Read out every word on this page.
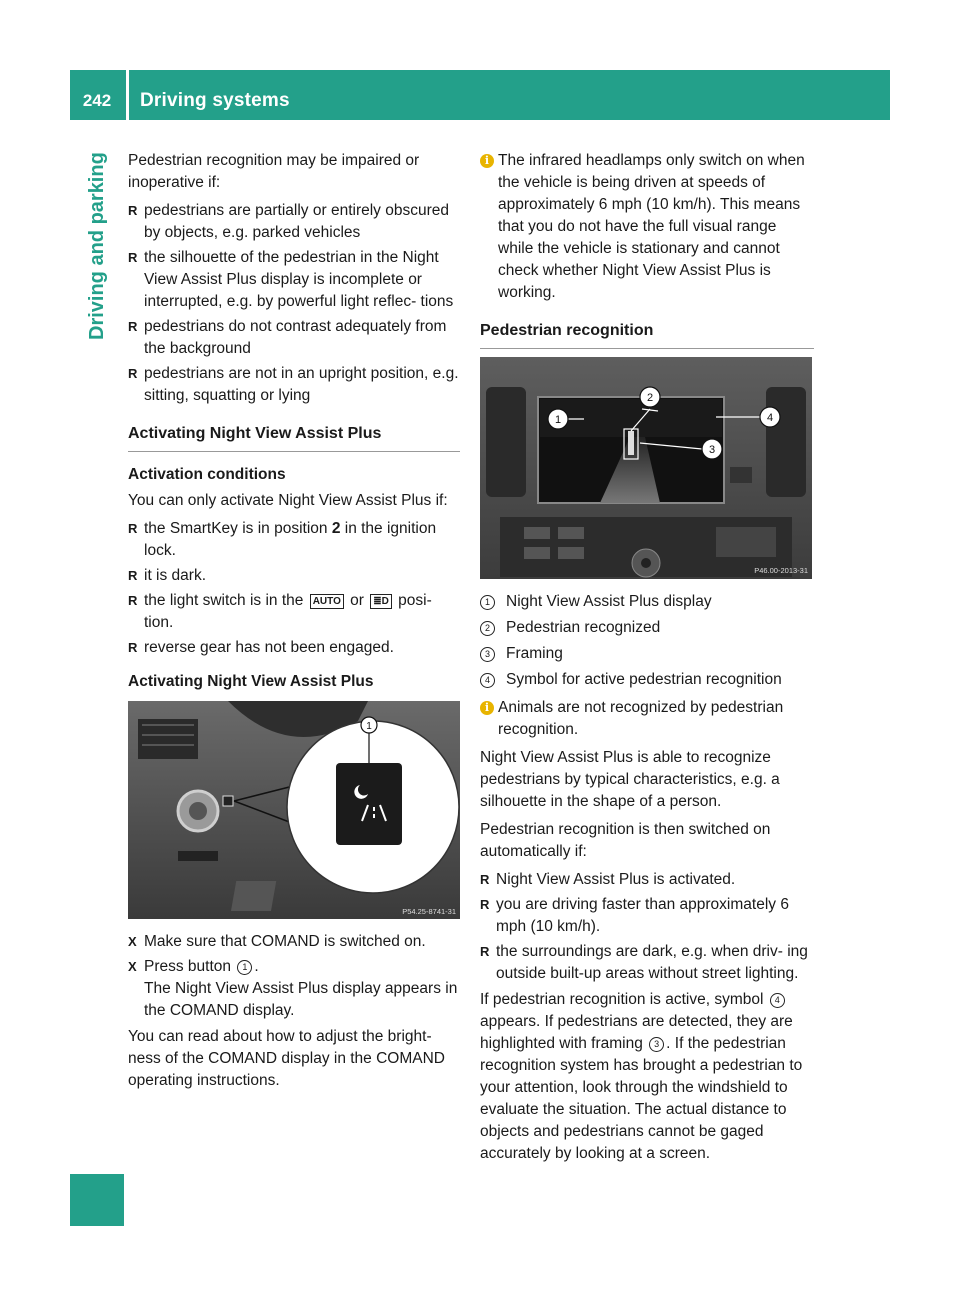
242	Driving systems
Driving and parking	Pedestrian recognition may be impaired or inoperative if:

R pedestrians are partially or entirely obscured by objects, e.g. parked vehicles
R the silhouette of the pedestrian in the Night View Assist Plus display is incomplete or interrupted, e.g. by powerful light reflec- tions
R pedestrians do not contrast adequately from the background
R pedestrians are not in an upright position, e.g. sitting, squatting or lying
Activating Night View Assist Plus
Activation conditions

You can only activate Night View Assist Plus if:

R the SmartKey is in position 2 in the ignition lock.
R it is dark.
R the light switch is in the AUTO or ≣D posi- tion.
R reverse gear has not been engaged.
Activating Night View Assist Plus
1
P54.25-8741-31
X Make sure that COMAND is switched on.
X Press button 1 .
The Night View Assist Plus display appears in the COMAND display.

You can read about how to adjust the bright- ness of the COMAND display in the COMAND operating instructions.

i The infrared headlamps only switch on when the vehicle is being driven at speeds of approximately 6 mph (10 km/h). This means that you do not have the full visual range while the vehicle is stationary and cannot check whether Night View Assist Plus is working.
Pedestrian recognition
2
1
3
4
P46.00-2013-31
1	Night View Assist Plus display
2	Pedestrian recognized
3	Framing
4	Symbol for active pedestrian recognition
i Animals are not recognized by pedestrian recognition.

Night View Assist Plus is able to recognize pedestrians by typical characteristics, e.g. a silhouette in the shape of a person.

Pedestrian recognition is then switched on automatically if:

R Night View Assist Plus is activated.
R you are driving faster than approximately 6 mph (10 km/h).
R the surroundings are dark, e.g. when driv- ing outside built-up areas without street lighting.

If pedestrian recognition is active, symbol 4 appears. If pedestrians are detected, they are highlighted with framing 3 . If the pedestrian recognition system has brought a pedestrian to your attention, look through the windshield to evaluate the situation. The actual distance to objects and pedestrians cannot be gaged accurately by looking at a screen.
